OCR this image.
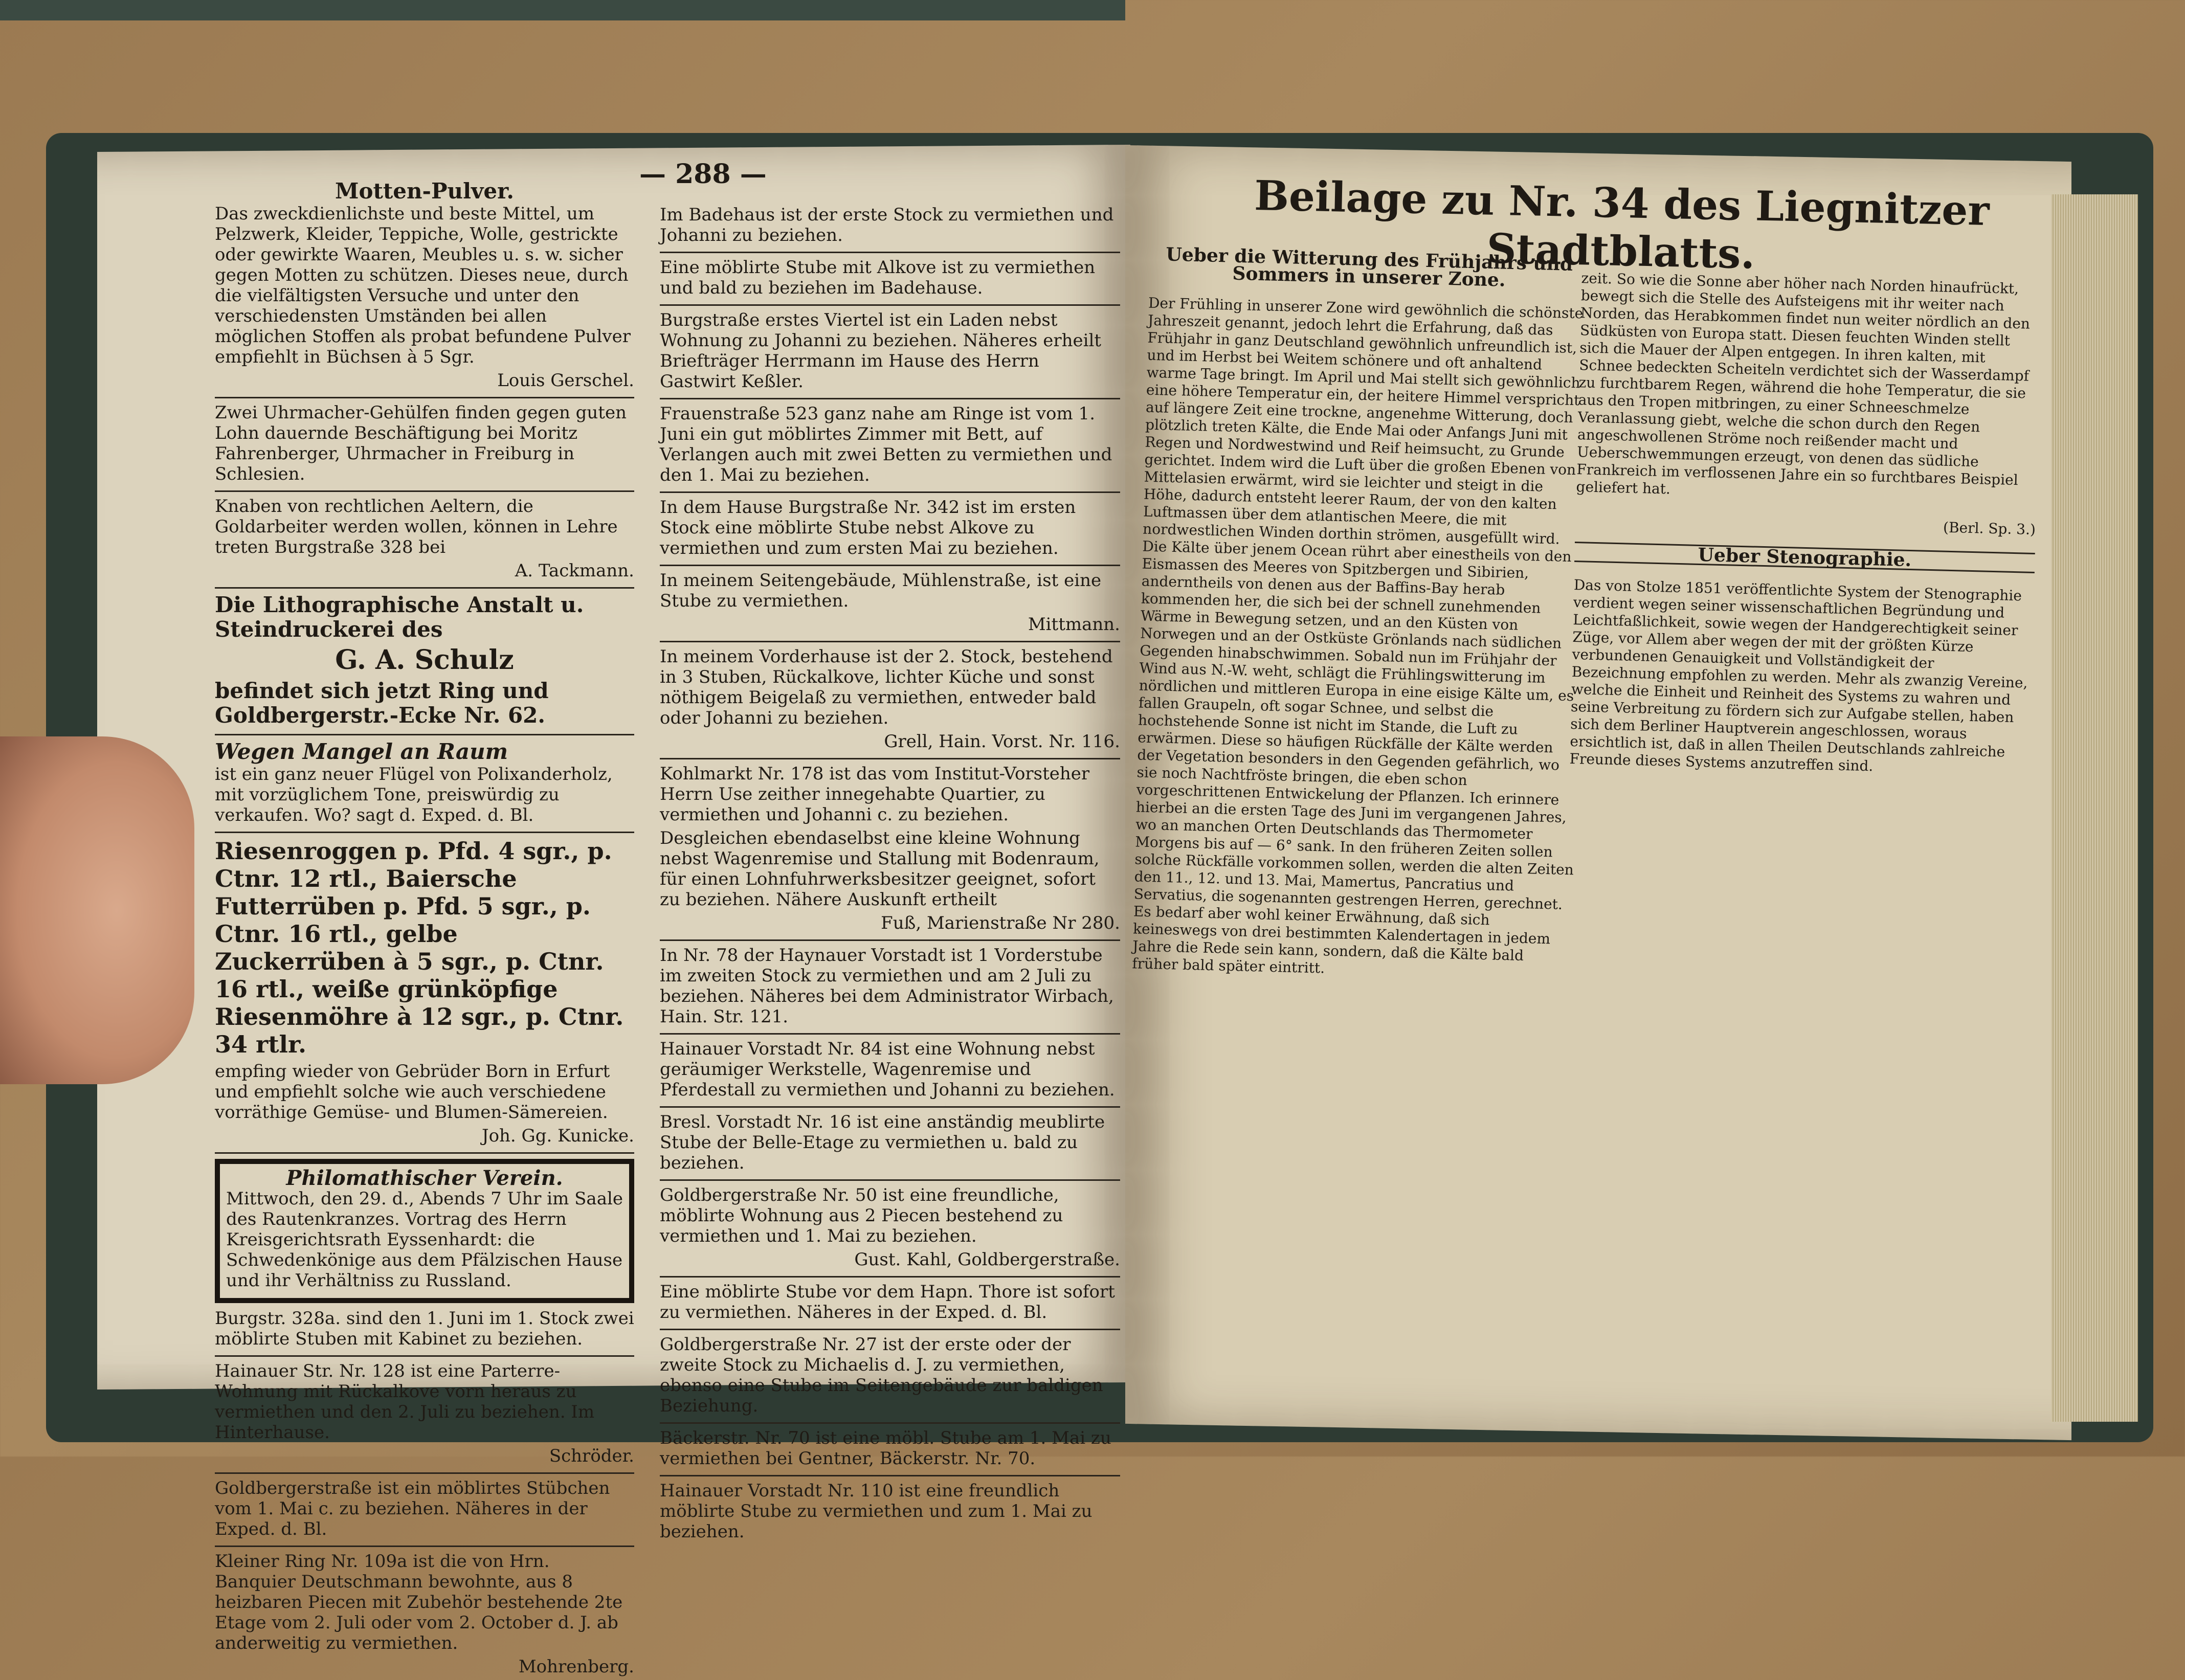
— 288 —
Motten-Pulver.

Das zweckdienlichste und beste Mittel, um Pelzwerk, Kleider, Teppiche, Wolle, gestrickte oder gewirkte Waaren, Meubles u. s. w. sicher gegen Motten zu schützen. Dieses neue, durch die vielfältigsten Versuche und unter den verschiedensten Umständen bei allen möglichen Stoffen als probat befundene Pulver empfiehlt in Büchsen à 5 Sgr.

Louis Gerschel.

Zwei Uhrmacher-Gehülfen finden gegen guten Lohn dauernde Beschäftigung bei Moritz Fahrenberger, Uhrmacher in Freiburg in Schlesien.

Knaben von rechtlichen Aeltern, die Goldarbeiter werden wollen, können in Lehre treten Burgstraße 328 bei

A. Tackmann.

Die Lithographische Anstalt u. Steindruckerei des

G. A. Schulz

befindet sich jetzt Ring und Goldbergerstr.-Ecke Nr. 62.

Wegen Mangel an Raum

ist ein ganz neuer Flügel von Polixanderholz, mit vorzüglichem Tone, preiswürdig zu verkaufen. Wo? sagt d. Exped. d. Bl.

Riesenroggen p. Pfd. 4 sgr., p. Ctnr. 12 rtl., Baiersche Futterrüben p. Pfd. 5 sgr., p. Ctnr. 16 rtl., gelbe Zuckerrüben à 5 sgr., p. Ctnr. 16 rtl., weiße grünköpfige Riesenmöhre à 12 sgr., p. Ctnr. 34 rtlr.

empfing wieder von Gebrüder Born in Erfurt und empfiehlt solche wie auch verschiedene vorräthige Gemüse- und Blumen-Sämereien.

Joh. Gg. Kunicke.

Philomathischer Verein.

Mittwoch, den 29. d., Abends 7 Uhr im Saale des Rautenkranzes. Vortrag des Herrn Kreisgerichtsrath Eyssenhardt: die Schwedenkönige aus dem Pfälzischen Hause und ihr Verhältniss zu Russland.

Burgstr. 328a. sind den 1. Juni im 1. Stock zwei möblirte Stuben mit Kabinet zu beziehen.

Hainauer Str. Nr. 128 ist eine Parterre-Wohnung mit Rückalkove vorn heraus zu vermiethen und den 2. Juli zu beziehen. Im Hinterhause.

Schröder.

Goldbergerstraße ist ein möblirtes Stübchen vom 1. Mai c. zu beziehen. Näheres in der Exped. d. Bl.

Kleiner Ring Nr. 109a ist die von Hrn. Banquier Deutschmann bewohnte, aus 8 heizbaren Piecen mit Zubehör bestehende 2te Etage vom 2. Juli oder vom 2. October d. J. ab anderweitig zu vermiethen.

Mohrenberg.

Im Badehaus ist der erste Stock zu vermiethen und Johanni zu beziehen.

Eine möblirte Stube mit Alkove ist zu vermiethen und bald zu beziehen im Badehause.

Burgstraße erstes Viertel ist ein Laden nebst Wohnung zu Johanni zu beziehen. Näheres erheilt Briefträger Herrmann im Hause des Herrn Gastwirt Keßler.

Frauenstraße 523 ganz nahe am Ringe ist vom 1. Juni ein gut möblirtes Zimmer mit Bett, auf Verlangen auch mit zwei Betten zu vermiethen und den 1. Mai zu beziehen.

In dem Hause Burgstraße Nr. 342 ist im ersten Stock eine möblirte Stube nebst Alkove zu vermiethen und zum ersten Mai zu beziehen.

In meinem Seitengebäude, Mühlenstraße, ist eine Stube zu vermiethen.

Mittmann.

In meinem Vorderhause ist der 2. Stock, bestehend in 3 Stuben, Rückalkove, lichter Küche und sonst nöthigem Beigelaß zu vermiethen, entweder bald oder Johanni zu beziehen.

Grell, Hain. Vorst. Nr. 116.

Kohlmarkt Nr. 178 ist das vom Institut-Vorsteher Herrn Use zeither innegehabte Quartier, zu vermiethen und Johanni c. zu beziehen.

Desgleichen ebendaselbst eine kleine Wohnung nebst Wagenremise und Stallung mit Bodenraum, für einen Lohnfuhrwerksbesitzer geeignet, sofort zu beziehen. Nähere Auskunft ertheilt

Fuß, Marienstraße Nr 280.

In Nr. 78 der Haynauer Vorstadt ist 1 Vorderstube im zweiten Stock zu vermiethen und am 2 Juli zu beziehen. Näheres bei dem Administrator Wirbach, Hain. Str. 121.

Hainauer Vorstadt Nr. 84 ist eine Wohnung nebst geräumiger Werkstelle, Wagenremise und Pferdestall zu vermiethen und Johanni zu beziehen.

Bresl. Vorstadt Nr. 16 ist eine anständig meublirte Stube der Belle-Etage zu vermiethen u. bald zu beziehen.

Goldbergerstraße Nr. 50 ist eine freundliche, möblirte Wohnung aus 2 Piecen bestehend zu vermiethen und 1. Mai zu beziehen.

Gust. Kahl, Goldbergerstraße.

Eine möblirte Stube vor dem Hapn. Thore ist sofort zu vermiethen. Näheres in der Exped. d. Bl.

Goldbergerstraße Nr. 27 ist der erste oder der zweite Stock zu Michaelis d. J. zu vermiethen, ebenso eine Stube im Seitengebäude zur baldigen Beziehung.

Bäckerstr. Nr. 70 ist eine möbl. Stube am 1. Mai zu vermiethen bei Gentner, Bäckerstr. Nr. 70.

Hainauer Vorstadt Nr. 110 ist eine freundlich möblirte Stube zu vermiethen und zum 1. Mai zu beziehen.

Beilage zu Nr. 34 des Liegnitzer Stadtblatts.
Ueber die Witterung des Frühjahrs und Sommers in unserer Zone.

Der Frühling in unserer Zone wird gewöhnlich die schönste Jahreszeit genannt, jedoch lehrt die Erfahrung, daß das Frühjahr in ganz Deutschland gewöhnlich unfreundlich ist, und im Herbst bei Weitem schönere und oft anhaltend warme Tage bringt. Im April und Mai stellt sich gewöhnlich eine höhere Temperatur ein, der heitere Himmel verspricht auf längere Zeit eine trockne, angenehme Witterung, doch plötzlich treten Kälte, die Ende Mai oder Anfangs Juni mit Regen und Nordwestwind und Reif heimsucht, zu Grunde gerichtet. Indem wird die Luft über die großen Ebenen von Mittelasien erwärmt, wird sie leichter und steigt in die Höhe, dadurch entsteht leerer Raum, der von den kalten Luftmassen über dem atlantischen Meere, die mit nordwestlichen Winden dorthin strömen, ausgefüllt wird. Die Kälte über jenem Ocean rührt aber einestheils von den Eismassen des Meeres von Spitzbergen und Sibirien, anderntheils von denen aus der Baffins-Bay herab kommenden her, die sich bei der schnell zunehmenden Wärme in Bewegung setzen, und an den Küsten von Norwegen und an der Ostküste Grönlands nach südlichen Gegenden hinabschwimmen. Sobald nun im Frühjahr der Wind aus N.-W. weht, schlägt die Frühlingswitterung im nördlichen und mittleren Europa in eine eisige Kälte um, es fallen Graupeln, oft sogar Schnee, und selbst die hochstehende Sonne ist nicht im Stande, die Luft zu erwärmen. Diese so häufigen Rückfälle der Kälte werden der Vegetation besonders in den Gegenden gefährlich, wo sie noch Nachtfröste bringen, die eben schon vorgeschrittenen Entwickelung der Pflanzen. Ich erinnere hierbei an die ersten Tage des Juni im vergangenen Jahres, wo an manchen Orten Deutschlands das Thermometer Morgens bis auf — 6° sank. In den früheren Zeiten sollen solche Rückfälle vorkommen sollen, werden die alten Zeiten den 11., 12. und 13. Mai, Mamertus, Pancratius und Servatius, die sogenannten gestrengen Herren, gerechnet. Es bedarf aber wohl keiner Erwähnung, daß sich keineswegs von drei bestimmten Kalendertagen in jedem Jahre die Rede sein kann, sondern, daß die Kälte bald früher bald später eintritt.

zeit. So wie die Sonne aber höher nach Norden hinaufrückt, bewegt sich die Stelle des Aufsteigens mit ihr weiter nach Norden, das Herabkommen findet nun weiter nördlich an den Südküsten von Europa statt. Diesen feuchten Winden stellt sich die Mauer der Alpen entgegen. In ihren kalten, mit Schnee bedeckten Scheiteln verdichtet sich der Wasserdampf zu furchtbarem Regen, während die hohe Temperatur, die sie aus den Tropen mitbringen, zu einer Schneeschmelze Veranlassung giebt, welche die schon durch den Regen angeschwollenen Ströme noch reißender macht und Ueberschwemmungen erzeugt, von denen das südliche Frankreich im verflossenen Jahre ein so furchtbares Beispiel geliefert hat.

(Berl. Sp. 3.)

Ueber Stenographie.

Das von Stolze 1851 veröffentlichte System der Stenographie verdient wegen seiner wissenschaftlichen Begründung und Leichtfaßlichkeit, sowie wegen der Handgerechtigkeit seiner Züge, vor Allem aber wegen der mit der größten Kürze verbundenen Genauigkeit und Vollständigkeit der Bezeichnung empfohlen zu werden. Mehr als zwanzig Vereine, welche die Einheit und Reinheit des Systems zu wahren und seine Verbreitung zu fördern sich zur Aufgabe stellen, haben sich dem Berliner Hauptverein angeschlossen, woraus ersichtlich ist, daß in allen Theilen Deutschlands zahlreiche Freunde dieses Systems anzutreffen sind.
